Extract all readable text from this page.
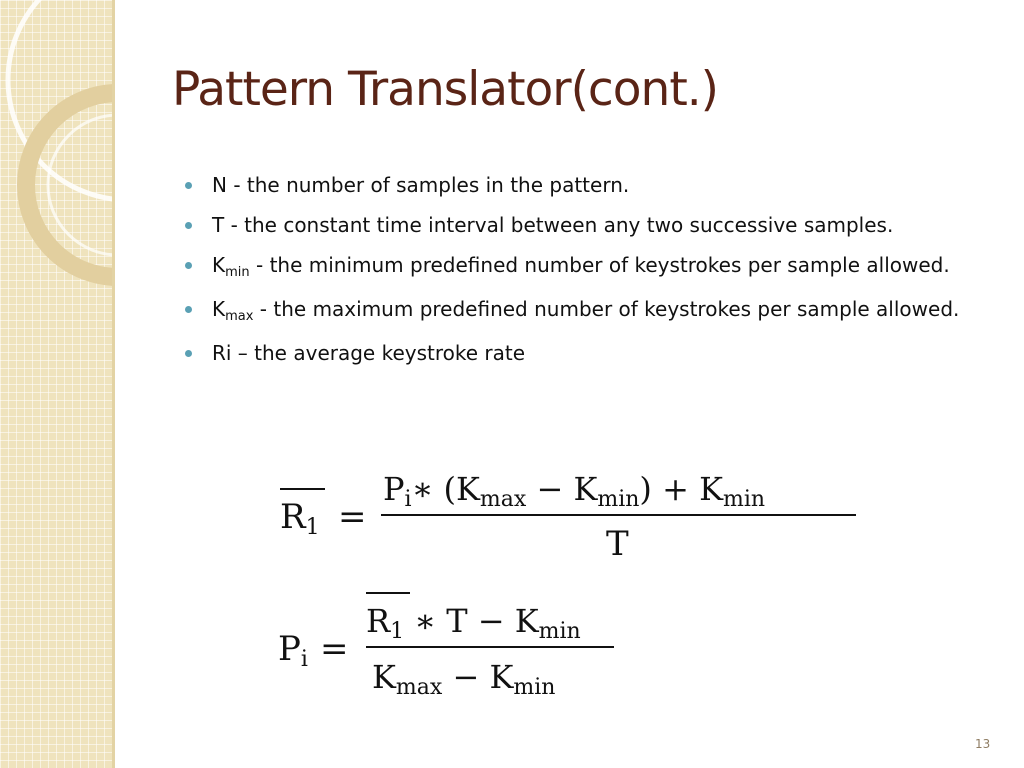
Pattern Translator(cont.)
N - the number of samples in the pattern.
T - the constant time interval between any two successive samples.
$K_{min}$ - the minimum predefined number of keystrokes per sample allowed.
$K_{max}$ - the maximum predefined number of keystrokes per sample allowed.
Ri – the average keystroke rate
R1 =
Pi∗ (Kmax − Kmin) + Kmin
T
Pi =
R1 ∗ T − Kmin
Kmax − Kmin
13
